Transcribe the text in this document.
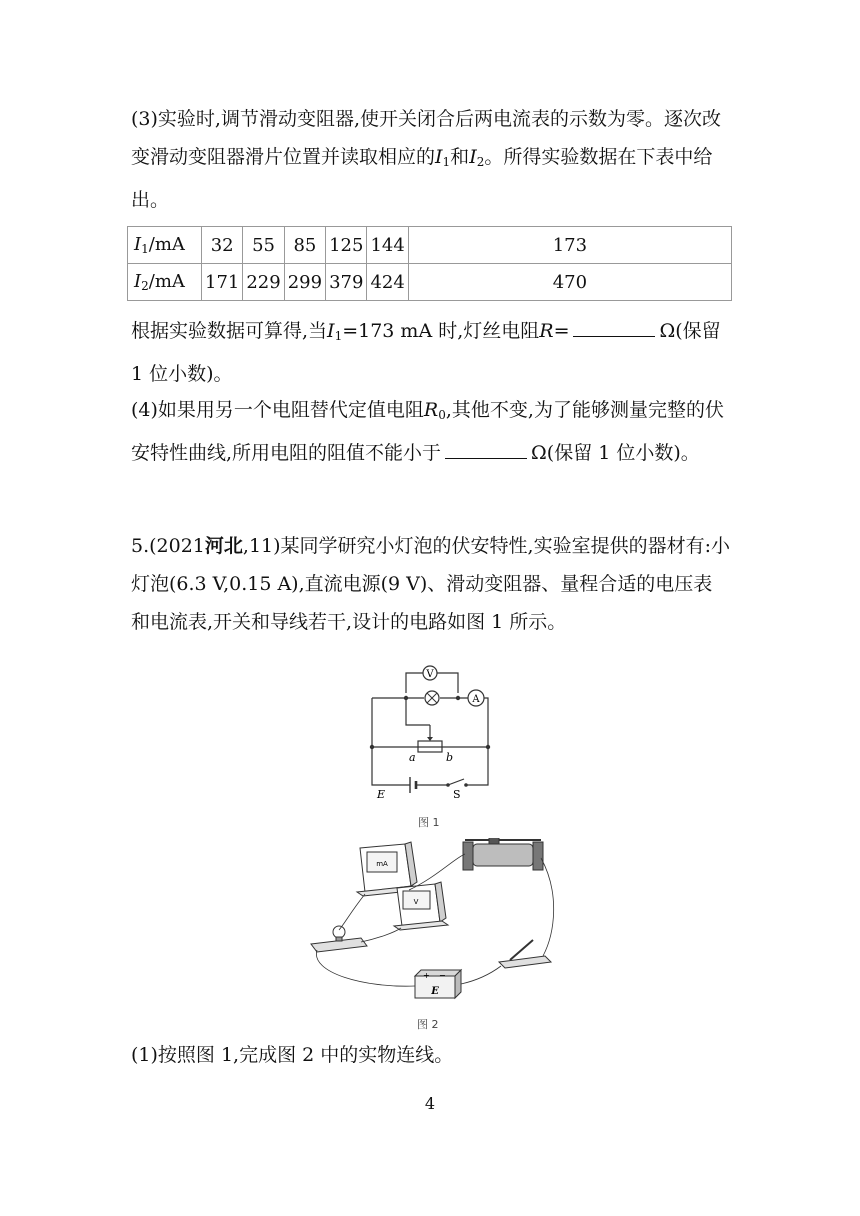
(3)实验时,调节滑动变阻器,使开关闭合后两电流表的示数为零。逐次改变滑动变阻器滑片位置并读取相应的$I_1$和$I_2$。所得实验数据在下表中给出。

$I_1/mA$	32	55	85	125	144	173
$I_2/mA$	171	229	299	379	424	470

根据实验数据可算得,当$I_1=173$ mA 时,灯丝电阻R=	Ω(保留 1 位小数)。

(4)如果用另一个电阻替代定值电阻$R_0$,其他不变,为了能够测量完整的伏安特性曲线,所用电阻的阻值不能小于	Ω(保留 1 位小数)。

5.(2021河北,11)某同学研究小灯泡的伏安特性,实验室提供的器材有:小灯泡(6.3 V,0.15 A),直流电源(9 V)、滑动变阻器、量程合适的电压表和电流表,开关和导线若干,设计的电路如图 1 所示。

V
A
a	b
E	S
图 1
mA
V
+ −
E
图 2

(1)按照图 1,完成图 2 中的实物连线。

4
